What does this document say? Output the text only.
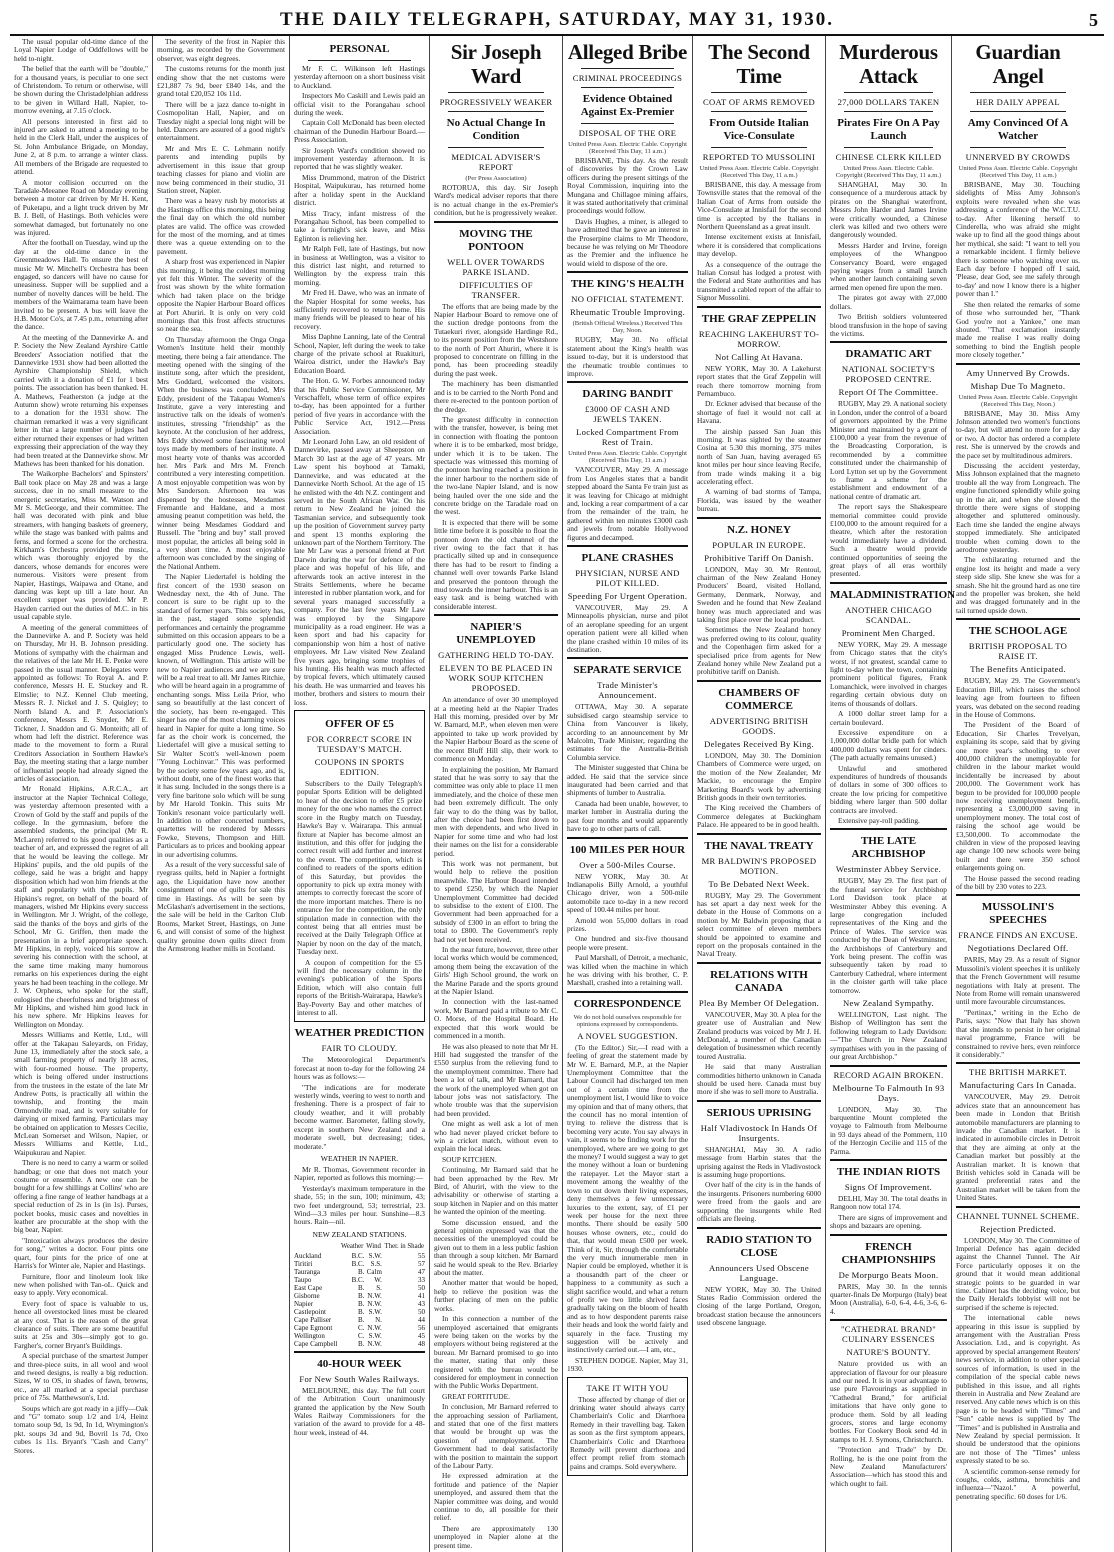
THE DAILY TELEGRAPH, SATURDAY, MAY 31, 1930.	5

The usual popular old-time dance of the Loyal Napier Lodge of Oddfellows will be held to-night.

The belief that the earth will be "double," for a thousand years, is peculiar to one sect of Christendom. To return or otherwise, will be shown during the Christadelphian address to be given in Willard Hall, Napier, to-morrow evening, at 7.15 o'clock.

All persons interested in first aid to injured are asked to attend a meeting to be held in the Clerk Hall, under the auspices of St. John Ambulance Brigade, on Monday, June 2, at 8 p.m. to arrange a winter class. All members of the Brigade are requested to attend.

A motor collision occurred on the Taradale-Meeanee Road on Monday evening between a motor car driven by Mr H. Kent, of Puketapu, and a light truck driven by Mr B. J. Bell, of Hastings. Both vehicles were somewhat damaged, but fortunately no one was injured.

After the football on Tuesday, wind up the day at the old-time dance in the Greenmeadows Hall. To ensure the best of music Mr W. Mitchell's Orchestra has been engaged, so dancers will have no cause for uneasiness. Supper will be supplied and a number of novelty dances will be held. The members of the Waimarama team have been invited to be present. A bus will leave the H.B. Motor Co's, at 7.45 p.m., returning after the dance.

At the meeting of the Dannevirke A. and P. Society the New Zealand Ayrshire Cattle Breeders' Association notified that the Dannevirke 1931 show had been allotted the Ayrshire Championship Shield, which carried with it a donation of £1 for 1 best points. The association has been thanked. H. A. Mathews, Featherston (a judge at the Autumn show) wrote returning his expenses to a donation for the 1931 show. The chairman remarked it was a very significant letter in that a large number of judges had either returned their expenses or had written expressing their appreciation of the way they had been treated at the Dannevirke show. Mr Mathews has been thanked for his donation.

The Waikorphe Bachelors' and Spinsters' Ball took place on May 28 and was a large success, due in no small measure to the energetic secretaries, Miss M. Watson and Mr S. McGeorge, and their committee. The hall was decorated with pink and blue streamers, with hanging baskets of greenery, while the stage was banked with palms and ferns, and formed a scene for the orchestra. Kirkham's Orchestra provided the music, which was thoroughly enjoyed by the dancers, whose demands for encores were numerous. Visitors were present from Napier, Hastings, Waipawa and Otane, and dancing was kept up till a late hour. An excellent supper was provided. Mr P. Hayden carried out the duties of M.C. in his usual capable style.

A meeting of the general committees of the Dannevirke A. and P. Society was held on Thursday, Mr H. B. Johnson presiding. Motions of sympathy with the chairman and the relatives of the late Mr H. E. Penke were passed in the usual manner. Delegates were appointed as follows: To Royal A. and P. conference, Messrs H. E. Stuckey and R. Elmslie; to N.Z. Kennel Club meeting, Messrs R. J. Nickel and J. S. Quigley; to North Island A. and P. Association's conference, Messrs E. Snyder, Mr E. Tickner, J. Snaddon and G. Monteith; all of whom had left the district. Reference was made to the movement to form a Rural Creditors Association in Southern Hawke's Bay, the meeting stating that a large number of influential people had already signed the articles of association.

Mr Ronald Hipkins, A.R.C.A., art instructor at the Napier Technical College, was yesterday afternoon presented with a Crown of Gold by the staff and pupils of the college. In the gymnasium, before the assembled students, the principal (Mr R. McLaren) referred to his good qualities as a teacher of art, and expressed the regret of all that he would be leaving the college. Mr Hipkins' pupils, and the old pupils of the college, said he was a bright and happy disposition which had won him friends at the staff and popularity with the pupils. Mr Hipkins's regret, on behalf of the board of managers, wished Mr Hipkins every success in Wellington. Mr J. Wright, of the college, said the thanks of the boys and girls of the School, Mr G. Griffen, then made the presentation in a brief appropriate speech. Mr Hipkins, in reply, voiced his sorrow at severing his connection with the school, at the same time making many humorous remarks on his experiences during the eight years he had been teaching in the college. Mr J. W. Orpheus, who spoke for the staff, eulogised the cheerfulness and brightness of Mr Hipkins, and wished him good luck in his new sphere. Mr Hipkins leaves for Wellington on Monday.

Messrs Williams and Kettle, Ltd., will offer at the Takapau Saleyards, on Friday, June 13, immediately after the stock sale, a small farming property of nearly 18 acres, with four-roomed house. The property, which is being offered under instructions from the trustees in the estate of the late Mr Andrew Potts, is practically all within the township, and fronting the main Ormondville road, and is very suitable for dairying or mixed farming. Particulars may be obtained on application to Messrs Cecilie, McLean Somerset and Wilson, Napier, or Messrs Williams and Kettle, Ltd., Waipukurau and Napier.

There is no need to carry a warm or soiled handbag; or one that does not match your costume or ensemble. A new one can be bought for a few shillings at Collins' who are offering a fine range of leather handbags at a special reduction of 2s in 1s (in 1s). Purses, pocket books, music cases and novelties in leather are procurable at the shop with the big bear, Napier.

"Intoxication always produces the desire for song," writes a doctor. Four pints one quart, four pints for the price of one at Harris's for Winter ale, Napier and Hastings.

Furniture, floor and linoleum look like new when polished with Tan-oL. Quick and easy to apply. Very economical.

Every foot of space is valuable to us, hence all overstocked lines must be cleared at any cost. That is the reason of the great clearance of suits. There are some beautiful suits at 25s and 30s—simply got to go. Fargher's, corner Bryant's Buildings.

A special purchase of the smartest Jumper and three-piece suits, in all wool and wool and tweed designs, is really a big reduction. Sizes, W to OS, in shades of fawn, browns, etc., are all marked at a special purchase price of 75s. Matthewson's, Ltd.

Soups which are got ready in a jiffy—Oak and "G" tomato soup 1/2 and 1/4, Heinz tomato soup 9d, 1s 9d, In 1d, Wrymington's pkt. soups 3d and 9d, Bovril 1s 7d, Oxo cubes 1s 11s. Bryant's "Cash and Carry" Stores.

The severity of the frost in Napier this morning, as recorded by the Government observer, was eight degrees.

The customs returns for the month just ending show that the net customs were £21,887 7s 9d, beer £840 14s, and the grand total £20,052 10s 11d.

There will be a jazz dance to-night in Cosmopolitan Hall, Napier, and on Tuesday night a special long night will be held. Dancers are assured of a good night's entertainment.

Mr and Mrs E. C. Lehmann notify parents and intending pupils by advertisement in this issue that group teaching classes for piano and violin are now being commenced in their studio, 31 Station street, Napier.

There was a heavy rush by motorists at the Hastings office this morning, this being the final day on which the old number plates are valid. The office was crowded for the most of the morning, and at times there was a queue extending on to the pavement.

A sharp frost was experienced in Napier this morning, it being the coldest morning yet felt this Winter. The severity of the frost was shown by the white formation which had taken place on the bridge opposite the Napier Harbour Board offices at Port Ahuriri. It is only on very cold mornings that this frost affects structures so near the sea.

On Thursday afternoon the Onga Onga Women's Institute held their monthly meeting, there being a fair attendance. The meeting opened with the singing of the institute song, after which the president, Mrs Goddard, welcomed the visitors. When the business was concluded, Mrs Eddy, president of the Takapau Women's Institute, gave a very interesting and instructive talk on the ideals of women's institutes, stressing "friendship" as the keynote. At the conclusion of her address, Mrs Eddy showed some fascinating wool toys made by members of her institute. A most hearty vote of thanks was accorded her. Mrs Park and Mrs M. French contributed a very interesting competition. A most enjoyable competition was won by Mrs Sanderson. Afternoon tea was dispensed by the hostesses, Mesdames Fremantle and Haldane, and a most amusing peanut competition was held, the winner being Mesdames Goddard and Russell. The "bring and buy" stall proved most popular, the articles all being sold in a very short time. A most enjoyable afternoon was concluded by the singing of the National Anthem.

The Napier Liedertafel is holding the first concert of the 1930 season on Wednesday next, the 4th of June. The concert is sure to be right up to the standard of former years. This society has, in the past, staged some splendid performances and certainly the programme submitted on this occasion appears to be a particularly good one. The society has engaged Miss Prudence Lewis, well-known, of Wellington. This artiste will be new to Napier audiences and we are sure will be a real treat to all. Mr James Ritchie, who will be heard again in a programme of enchanting songs. Miss Leila Prior, who sang so beautifully at the last concert of the society, has been re-engaged. This singer has one of the most charming voices heard in Napier for quite a long time. So far as the choir work is concerned, the Liedertafel will give a musical setting to Sir Walter Scott's well-known poem "Young Lochinvar." This was performed by the society some few years ago, and is, without doubt, one of the finest works that it has sung. Included in the songs there is a very fine baritone solo which will be sung by Mr Harold Tonkin. This suits Mr Tonkin's resonant voice particularly well. In addition to other concerted numbers, quartettes will be rendered by Messrs Fowke, Stevens, Thompson and Hill. Particulars as to prices and booking appear in our advertising columns.

As a result of the very successful sale of ryegrass quilts, held in Napier a fortnight ago, the Liquidation have now another consignment of one of quilts for sale this time in Hastings. As will be seen by McGlashan's advertisement in the sections, the sale will be held in the Carlton Club Rooms, Market Street, Hastings, on June 6, and will consist of some of the highest quality genuine down quilts direct from the Armstrong leather mills in Scotland.

PERSONAL

Mr F. C. Wilkinson left Hastings yesterday afternoon on a short business visit to Auckland.

Inspectors Mo Caskill and Lewis paid an official visit to the Porangahau school during the week.

Captain Coll McDonald has been elected chairman of the Dunedin Harbour Board.—Press Association.

Sir Joseph Ward's condition showed no improvement yesterday afternoon. It is reported that he was slightly weaker.

Miss Drummond, matron of the District Hospital, Waipukurau, has returned home after a holiday spent in the Auckland district.

Miss Tracy, infant mistress of the Porangahau School, has been compelled to take a fortnight's sick leave, and Miss Eglinton is relieving her.

Mr Ralph Fell, late of Hastings, but now in business at Wellington, was a visitor to this district last night, and returned to Wellington by the express train this morning.

Mr Fred H. Dawe, who was an inmate of the Napier Hospital for some weeks, has sufficiently recovered to return home. His many friends will be pleased to hear of his recovery.

Miss Daphne Lanning, late of the Central School, Napier, left during the week to take charge of the private school at Ruakituri, Wairoa district, under the Hawke's Bay Education Board.

The Hon. G. W. Forbes announced today that his Public Service Commissioner, Mr Verschaffelt, whose term of office expires to-day, has been appointed for a further period of five years in accordance with the Public Service Act, 1912.—Press Association.

Mr Leonard John Law, an old resident of Dannevirke, passed away at Sheepston on March 30 last at the age of 47 years. Mr Law spent his boyhood at Tamaki, Dannevirke, and was educated at the Dannevirke North School. At the age of 15 he enlisted with the 4th N.Z. contingent and served in the South African War. On his return to New Zealand he joined the Tasmanian service, and subsequently took up the position of Government survey party and spent 13 months exploring the unknown part of the Northern Territory. The late Mr Law was a personal friend at Port Darwin during the war for defence of the place and was hopeful of his life, and afterwards took an active interest in the Straits Settlements, where he became interested in rubber plantation work, and for several years managed successfully a company. For the last few years Mr Law was employed by the Singapore municipality as a road engineer. He was a keen sport and had his capacity for companionship won him a host of native employees. Mr Law visited New Zealand five years ago, bringing some trophies of his hunting. His health was much affected by tropical fevers, which ultimately caused his death. He was unmarried and leaves his mother, brothers and sisters to mourn their loss.

OFFER OF £5
FOR CORRECT SCORE IN TUESDAY'S MATCH.
COUPONS IN SPORTS EDITION.

Subscribers to the Daily Telegraph's popular Sports Edition will be delighted to hear of the decision to offer £5 prize money for the one who names the correct score in the Rugby match on Tuesday, Hawke's Bay v. Wairarapa. This annual fixture at Napier has become almost an institution, and this offer for judging the correct result will add further and interest to the event. The competition, which is confined to readers of the sports edition of this Saturday, but provides the opportunity to pick up extra money with attempts to correctly forecast the score of the more important matches. There is no entrance fee for the competition, the only stipulation made in connection with the contest being that all entries must be received at the Daily Telegraph Office at Napier by noon on the day of the match, Tuesday next.

A coupon of competition for the £5 will find the necessary column in the evening's publication of the Sports Edition, which will also contain full reports of the British-Wairarapa, Hawke's Bay-Poverty Bay and other matches of interest to all.

WEATHER PREDICTION
FAIR TO CLOUDY.

The Meteorological Department's forecast at noon to-day for the following 24 hours was as follows:—

"The indications are for moderate westerly winds, veering to west to north and freshening. There is a prospect of fair to cloudy weather, and it will probably become warmer. Barometer, falling slowly, except in southern New Zealand and a moderate swell, but decreasing; tides, moderate."

WEATHER IN NAPIER.

Mr R. Thomas, Government recorder in Napier, reported as follows this morning:—

Yesterday's maximum temperature in the shade, 55; in the sun, 100; minimum, 43; two feet underground, 53; terrestrial, 23. Wind—3.3 miles per hour. Sunshine—8.3 hours. Rain—nil.

NEW ZEALAND STATIONS.
	Weather	Wind	Ther. in Shade
Auckland	B.C.	S.W.	55
Tiritiri	B.C.	S.S.	57
Tauranga	B.	Calm	47
Taupo	B.C.	W.	33
East Cape	B.	S.	50
Gisborne	B.	N.W.	41
Napier	B.	N.W.	43
Castlepoint	B.	S.W.	50
Cape Palliser	B.	N.	44
Cape Egmont	C.	N.W.	56
Wellington	C.	S.W.	45
Cape Campbell	B.	N.W.	48
40-HOUR WEEK
For New South Wales Railways.

MELBOURNE, this day. The full court of the Arbitration Court unanimously granted the application by the New South Wales Railway Commissioners for the variation of the award to provide for a 48-hour week, instead of 44.

Sir Joseph Ward
PROGRESSIVELY WEAKER
No Actual Change In Condition
MEDICAL ADVISER'S REPORT
(Per Press Association)

ROTORUA, this day. Sir Joseph Ward's medical adviser reports that there is no actual change in the ex-Premier's condition, but he is progressively weaker.

MOVING THE PONTOON
WELL OVER TOWARDS PARKE ISLAND.
DIFFICULTIES OF TRANSFER.

The efforts that are being made by the Napier Harbour Board to remove one of the suction dredge pontoons from the Tutaekuri river, alongside Hardinge Rd., to its present position from the Westshore to the north of Port Ahuriri, where it is proposed to concentrate on filling in the pond, has been proceeding steadily during the past week.

The machinery has been dismantled and is to be carried to the North Pond and there re-erected to the pontoon portion of the dredge.

The greatest difficulty in connection with the transfer, however, is being met in connection with floating the pontoon where it is to be embarked, most bridge, under which it is to be taken. The spectacle was witnessed this morning of the pontoon having reached a position in the inner harbour to the northern side of the two-lane Napier Island, and is now being hauled over the one side and the concrete bridge on the Taradale road on the west.

It is expected that there will be some little time before it is possible to float the pontoon down the old channel of the river owing to the fact that it has practically silted up and in consequence there has had to be resort to finding a channel well over towards Parke Island and preserved the pontoon through the mud towards the inner harbour. This is an easy task and is being watched with considerable interest.

NAPIER'S UNEMPLOYED
GATHERING HELD TO-DAY.
ELEVEN TO BE PLACED IN WORK SOUP KITCHEN PROPOSED.

An attendance of over 30 unemployed at a meeting held at the Napier Trades Hall this morning, presided over by Mr W. Barnard, M.P., when eleven men were appointed to take up work provided by the Napier Harbour Board as the scene of the recent Bluff Hill slip, their work to commence on Monday.

In explaining the position, Mr Barnard stated that he was sorry to say that the committee was only able to place 11 men immediately, and the choice of these men had been extremely difficult. The only fair way to do the thing was by ballot, after the choice had been first down to men with dependents, and who lived in Napier for some time and who had lost their names on the list for a considerable period.

This work was not permanent, but would help to relieve the position meanwhile. The Harbour Board intended to spend £250, by which the Napier Unemployment Committee had decided to subsidise to the extent of £100. The Government had been approached for a subsidy of £300 in an effort to bring the total to £800. The Government's reply had not yet been received.

In the near future, however, three other local works which would be commenced, among them being the excavation of the Girls' High School ground, the work on the Marine Parade and the sports ground at the Napier Island.

In connection with the last-named work, Mr Barnard paid a tribute to Mr C. O. Morse, of the Hospital Board. He expected that this work would be commenced in a month.

He was also pleased to note that Mr H. Hill had suggested the transfer of the £550 surplus from the relieving fund to the unemployment committee. There had been a lot of talk, and Mr Barnard, that the work of the unemployed when got on labour jobs was not satisfactory. The whole trouble was that the supervision had been provided.

One might as well ask a lot of men who had never played cricket before to win a cricket match, without even to explain the local ideas.

SOUP KITCHEN.

Continuing, Mr Barnard said that he had been approached by the Rev. Mr Bird, of Ahuriri, with the view to the advisability or otherwise of starting a soup kitchen in Napier and on this matter he wanted the opinion of the meeting.

Some discussion ensued, and the general opinion expressed was that the necessities of the unemployed could be given out to them in a less public fashion than through a soup kitchen. Mr Barnard said he would speak to the Rev. Briarley about the matter.

Another matter that would be hoped, help to relieve the position was the further placing of men on the public works.

In this connection a number of the unemployed ascertained that emigrants were being taken on the works by the employers without being registered at the bureau. Mr Barnard promised to go into the matter, stating that only these registered with the bureau would be considered for employment in connection with the Public Works Department.

GREAT FORTITUDE.

In conclusion, Mr Barnard referred to the approaching session of Parliament, and stated that one of the first matters that would be brought up was the question of unemployment. The Government had to deal satisfactorily with the position to maintain the support of the Labour Party.

He expressed admiration at the fortitude and patience of the Napier unemployed, and assured them that the Napier committee was doing, and would continue to do, all possible for their relief.

There are approximately 130 unemployed in Napier alone at the present time.

Alleged Bribe
CRIMINAL PROCEEDINGS
Evidence Obtained Against Ex-Premier
DISPOSAL OF THE ORE
United Press Assn. Electric Cable. Copyright (Received This Day, 11 a.m.)

BRISBANE, This day. As the result of discoveries by the Crown Law officers during the present sittings of the Royal Commission, inquiring into the Mungana and Chillagoe mining affairs, it was stated authoritatively that criminal proceedings would follow.

Davis Hughes, a miner, is alleged to have admitted that he gave an interest in the Proserpine claims to Mr Theodore, because he was relying on Mr Theodore as the Premier and the influence he would wield to dispose of the ore.

THE KING'S HEALTH
NO OFFICIAL STATEMENT.
Rheumatic Trouble Improving.
(British Official Wireless.) Received This Day, Noon.

RUGBY, May 30. No official statement about the King's health was issued to-day, but it is understood that the rheumatic trouble continues to improve.

DARING BANDIT
£3000 OF CASH AND JEWELS TAKEN.
Locked Compartment From Rest of Train.
United Press Assn. Electric Cable. Copyright (Received This Day, 11 a.m.)

VANCOUVER, May 29. A message from Los Angeles states that a bandit stepped aboard the Santa Fe train just as it was leaving for Chicago at midnight and, locking a rear compartment of a car from the remainder of the train, he gathered within ten minutes £3000 cash and jewels from notable Hollywood figures and decamped.

PLANE CRASHES
PHYSICIAN, NURSE AND PILOT KILLED.
Speeding For Urgent Operation.

VANCOUVER, May 29. A Minneapolis physician, nurse and pilot of an aeroplane speeding for an urgent operation patient were all killed when the plane crashed within 10 miles of its destination.

SEPARATE SERVICE
Trade Minister's Announcement.

OTTAWA, May 30. A separate subsidised cargo steamship service to China from Vancouver is likely, according to an announcement by Mr Malcolm, Trade Minister, regarding the estimates for the Australia-British Columbia service.

The Minister suggested that China be added. He said that the service since inaugurated had been carried and that shipments of lumber to Australia.

Canada had been unable, however, to market lumber in Australia during the past four months and would apparently have to go to other parts of call.

100 MILES PER HOUR
Over a 500-Miles Course.

NEW YORK, May 30. At Indianapolis Billy Arnold, a youthful Chicago driver, won a 500-mile automobile race to-day in a new record speed of 100.44 miles per hour.

Arnold won 55,000 dollars in road prizes.

One hundred and six-five thousand people were present.

Paul Marshall, of Detroit, a mechanic, was killed when the machine in which he was driving with his brother, C. P. Marshall, crashed into a retaining wall.

CORRESPONDENCE
We do not hold ourselves responsible for opinions expressed by correspondents.
A NOVEL SUGGESTION.

(To the Editor.) Sir,—I read with a feeling of great the statement made by Mr W. E. Barnard, M.P., at the Napier Unemployment Committee that the Labour Council had discharged ten men out of a certain time from the unemployment list, I would like to voice my opinion and that of many others, that the council has no moral intention of trying to relieve the distress that is becoming very acute. You say always in vain, it seems to be finding work for the unemployed, where are we going to get the money? I would suggest a way to get the money without a loan or burdening the ratepayer. Let the Mayor start a movement among the wealthy of the town to cut down their living expenses, deny themselves a few unnecessary luxuries to the extent, say, of £1 per week per house for the next three months. There should be easily 500 houses whose owners, etc., could do that, that would mean £500 per week. Think of it, Sir, through the comfortable the very much innumerable men in Napier could be employed, whether it is a thousandth part of the cheer or happiness to a community as such a slight sacrifice would, and what a return of profit we two little shrived faces gradually taking on the bloom of health and as to how despondent parents raise their heads and look the world fairly and squarely in the face. Trusting my suggestion will be actively and instinctively carried out.—I am, etc.,

STEPHEN DODGE. Napier, May 31, 1930.

TAKE IT WITH YOU

Those affected by change of diet or drinking water should always carry Chamberlain's Colic and Diarrhoea Remedy in their travelling bag. Taken as soon as the first symptom appears, Chamberlain's Colic and Diarrhoea Remedy will prevent diarrhoea and effect prompt relief from stomach pains and cramps. Sold everywhere.

The Second Time
COAT OF ARMS REMOVED
From Outside Italian Vice-Consulate
REPORTED TO MUSSOLINI
United Press Assn. Electric Cable. Copyright (Received This Day, 11 a.m.)

BRISBANE, this day. A message from Townsville states that the removal of the Italian Coat of Arms from outside the Vice-Consulate at Innisfail for the second time is accepted by the Italians in Northern Queensland as a great insult.

Intense excitement exists at Innisfail, where it is considered that complications may develop.

As a consequence of the outrage the Italian Consul has lodged a protest with the Federal and State authorities and has transmitted a cabled report of the affair to Signor Mussolini.

THE GRAF ZEPPELIN
REACHING LAKEHURST TO-MORROW.
Not Calling At Havana.

NEW YORK, May 30. A Lakehurst report states that the Graf Zeppelin will reach there tomorrow morning from Pernambuco.

Dr. Eckner advised that because of the shortage of fuel it would not call at Havana.

The airship passed San Juan this morning. It was sighted by the steamer Cosina at 5.30 this morning, 375 miles north of San Juan, having averaged 65 knot miles per hour since leaving Recife, from trade winds making it a big accelerating effect.

A warning of bad storms of Tampa, Florida, was issued by the weather bureau.

N.Z. HONEY
POPULAR IN EUROPE.
Prohibitive Tariff On Danish.

LONDON, May 30. Mr Rentoul, chairman of the New Zealand Honey Producers' Board, visited Holland, Germany, Denmark, Norway, and Sweden and he found that New Zealand honey was much appreciated and was taking first place over the local product.

Sometimes the New Zealand honey was preferred owing to its colour, quality and the Copenhagen firm asked for a specialised price from agents for New Zealand honey while New Zealand put a prohibitive tariff on Danish.

CHAMBERS OF COMMERCE
ADVERTISING BRITISH GOODS.
Delegates Received By King.

LONDON, May 30. The Dominion Chambers of Commerce were urged, on the motion of the New Zealander, Mr Mackie, to encourage the Empire Marketing Board's work by advertising British goods in their own territories.

The King received the Chambers of Commerce delegates at Buckingham Palace. He appeared to be in good health.

THE NAVAL TREATY
MR BALDWIN'S PROPOSED MOTION.
To Be Debated Next Week.

RUGBY, May 29. The Government has set apart a day next week for the debate in the House of Commons on a motion by Mr Baldwin proposing that a select committee of eleven members should be appointed to examine and report on the proposals contained in the Naval Treaty.

RELATIONS WITH CANADA
Plea By Member Of Delegation.

VANCOUVER, May 30. A plea for the greater use of Australian and New Zealand products was voiced by Mr J. H. McDonald, a member of the Canadian delegation of businessmen which recently toured Australia.

He said that many Australian commodities hitherto unknown in Canada should be used here. Canada must buy more if she was to sell more to Australia.

SERIOUS UPRISING
Half Vladivostock In Hands Of Insurgents.

SHANGHAI, May 30. A radio message from Harbin states that the uprising against the Reds in Vladivostock is assuming huge proportions.

Over half of the city is in the hands of the insurgents. Prisoners numbering 6000 were freed from the gaols and are supporting the insurgents while Red officials are fleeing.

RADIO STATION TO CLOSE
Announcers Used Obscene Language.

NEW YORK, May 30. The United States Radio Commission ordered the closing of the large Portland, Oregon, broadcast station because the announcers used obscene language.

Murderous Attack
27,000 DOLLARS TAKEN
Pirates Fire On A Pay Launch
CHINESE CLERK KILLED
United Press Assn. Electric Cable. Copyright (Received This Day, 11 a.m.)

SHANGHAI, May 30. In consequence of a murderous attack by pirates on the Shanghai waterfront, Messrs John Harder and James Irvine were critically wounded, a Chinese clerk was killed and two others were dangerously wounded.

Messrs Harder and Irvine, foreign employees of the Whangpoo Conservancy Board, were engaged paying wages from a small launch when another launch containing seven armed men opened fire upon the men.

The pirates got away with 27,000 dollars.

Two British soldiers volunteered blood transfusion in the hope of saving the victims.

DRAMATIC ART
NATIONAL SOCIETY'S PROPOSED CENTRE.
Report Of The Committee.

RUGBY, May 29. A national society in London, under the control of a board of governors appointed by the Prime Minister and maintained by a grant of £100,000 a year from the revenue of the Broadcasting Corporation, is recommended by a committee constituted under the chairmanship of Lord Lytton set up by the Government to frame a scheme for the establishment and endowment of a national centre of dramatic art.

The report says the Shakespeare memorial committee could provide £100,000 to the amount required for a theatre, which after the restoration would immediately have a dividend. Such a theatre would provide continued opportunities of seeing the great plays of all eras worthily presented.

MALADMINISTRATION
ANOTHER CHICAGO SCANDAL.
Prominent Men Charged.

NEW YORK, May 29. A message from Chicago states that the city's worst, if not greatest, scandal came to light to-day when the town, containing prominent political figures, Frank Lomanchick, were involved in charges regarding certain obvious duty on items of thousands of dollars.

A 1000 dollar street lamp for a certain boulevard.

Excessive expenditure on a 1,000,000 dollar bridle path for which 400,000 dollars was spent for cinders. (The path actually remains unused.)

Unlawful and smothered expenditures of hundreds of thousands of dollars in some of 300 offices to create the low pricing for competitive bidding where larger than 500 dollar contracts are involved.

Extensive pay-roll padding.

THE LATE ARCHBISHOP
Westminster Abbey Service.

RUGBY, May 29. The first part of the funeral service for Archbishop Lord Davidson took place at Westminster Abbey this evening. A large congregation included representatives of the King and the Prince of Wales. The service was conducted by the Dean of Westminster, the Archbishops of Canterbury and York being present. The coffin was subsequently taken by road to Canterbury Cathedral, where interment in the cloister garth will take place tomorrow.

New Zealand Sympathy.

WELLINGTON, Last night. The Bishop of Wellington has sent the following telegram to Lady Davidson:—"The Church in New Zealand sympathises with you in the passing of our great Archbishop."

RECORD AGAIN BROKEN.
Melbourne To Falmouth In 93 Days.

LONDON, May 30. The barquentine Mount completed the voyage to Falmouth from Melbourne in 93 days ahead of the Pommern, 110 of the Herzogin Cecilie and 115 of the Parma.

THE INDIAN RIOTS
Signs Of Improvement.

DELHI, May 30. The total deaths in Rangoon now total 174.

There are signs of improvement and shops and bazaars are opening.

FRENCH CHAMPIONSHIPS
De Morpurgo Beats Moon.

PARIS, May 30. In the tennis quarter-finals De Morpurgo (Italy) beat Moon (Australia), 6-0, 6-4, 4-6, 3-6, 6-4.

"CATHEDRAL BRAND" CULINARY ESSENCES
NATURE'S BOUNTY.

Nature provided us with an appreciation of flavour for our pleasure and our need. It is in your advantage to use pure Flavourings as supplied in "Cathedral Brand," for artificial imitations that have only gone to produce them. Sold by all leading grocers, stores and large economy bottles. For Cookery Book send 4d in stamps to H. J. Symons, Christchurch.

"Protection and Trade" by Dr. Rolling, he is the one point from the New Zealand Manufacturers' Association—which has stood this and which ought to fail.

Guardian Angel
HER DAILY APPEAL
Amy Convinced Of A Watcher
UNNERVED BY CROWDS
United Press Assn. Electric Cable. Copyright (Received This Day, 11 a.m.)

BRISBANE, May 30. Touching sidelights of Miss Amy Johnson's exploits were revealed when she was addressing a conference of the W.C.T.U. to-day. After likening herself to Cinderella, who was afraid she might wake up to find all the good things about her mythical, she said: "I want to tell you a remarkable incident. I firmly believe there is someone who watching over us. Each day before I hopped off I said, 'Please, dear God, see me safely through to-day' and now I know there is a higher power than I."

She then related the remarks of some of those who surrounded her, "Thank God you're not a Yankee," one man shouted. "That exclamation instantly made me realise I was really doing something to bind the English people more closely together."

Amy Unnerved By Crowds.
Mishap Due To Magneto.
United Press Assn. Electric Cable. Copyright (Received This Day, Noon.)

BRISBANE, May 30. Miss Amy Johnson attended two women's functions to-day, but will attend no more for a day or two. A doctor has ordered a complete rest. She is unnerved by the crowds and the pace set by multitudinous admirers.

Discussing the accident yesterday, Miss Johnson explained that the magneto trouble all the way from Longreach. The engine functioned splendidly while going up in the air, and when she slowed the throttle there were signs of stopping altogether and spluttered ominously. Each time she landed the engine always stopped immediately. She anticipated trouble when coming down to the aerodrome yesterday.

The exhilarating returned and the engine lost its height and made a very steep side slip. She knew she was for a smash. She hit the ground hard as one tire and the propeller was broken, she held and was dragged fortunately and in the tail turned upside down.

THE SCHOOL AGE
BRITISH PROPOSAL TO RAISE IT.
The Benefits Anticipated.

RUGBY, May 29. The Government's Education Bill, which raises the school leaving age from fourteen to fifteen years, was debated on the second reading in the House of Commons.

The President of the Board of Education, Sir Charles Trevelyan, explaining its scope, said that by giving one more year's schooling to over 400,000 children the unemployable for children in the labour market would incidentally be increased by about 200,000. The Government work has begun to be provided for 100,000 people now receiving unemployment benefit, representing a £3,000,000 saving in unemployment money. The total cost of raising the school age would be £3,500,000. To accommodate the children in view of the proposed leaving age change 100 new schools were being built and there were 350 school enlargements going on.

The House passed the second reading of the bill by 230 votes to 223.

MUSSOLINI'S SPEECHES
FRANCE FINDS AN EXCUSE.
Negotiations Declared Off.

PARIS, May 29. As a result of Signor Mussolini's violent speeches it is unlikely that the French Government will resume negotiations with Italy at present. The Note from Rome will remain unanswered until more favourable circumstances.

"Pertinax," writing in the Echo de Paris, says: "Now that Italy has shown that she intends to persist in her original naval programme, France will be constrained to revive hers, even reinforce it considerably."

THE BRITISH MARKET.
Manufacturing Cars In Canada.

VANCOUVER, May 29. Detroit advices state that an announcement has been made in London that British automobile manufacturers are planning to invade the Canadian market. It is indicated in automobile circles in Detroit that they are aiming at only at the Canadian market but possibly at the Australian market. It is known that British vehicles sold in Canada will be granted preferential rates and the Australian market will be taken from the United States.

CHANNEL TUNNEL SCHEME.
Rejection Predicted.

LONDON, May 30. The Committee of Imperial Defence has again decided against the Channel Tunnel. The Air Force particularly opposes it on the ground that it would mean additional strategic points to be guarded in war time. Cabinet has the deciding voice, but the Daily Herald's lobbyist will not be surprised if the scheme is rejected.

The international cable news appearing in this issue is supplied by arrangement with the Australian Press Association. Ltd., and is copyright. As approved by special arrangement Reuters' news service, in addition to other special sources of information, is used in the compilation of the special cable news published in this issue, and all rights therein in Australia and New Zealand are reserved. Any cable news which is on this page is to be headed with "Times" and "Sun" cable news is supplied by The "Times" and is published in Australia and New Zealand by special permission. It should be understood that the opinions are not those of The "Times" unless expressly stated to be so.

A scientific common-sense remedy for coughs, colds, asthma, bronchitis and influenza—"Nazol." A powerful, penetrating specific. 60 doses for 1/6.
